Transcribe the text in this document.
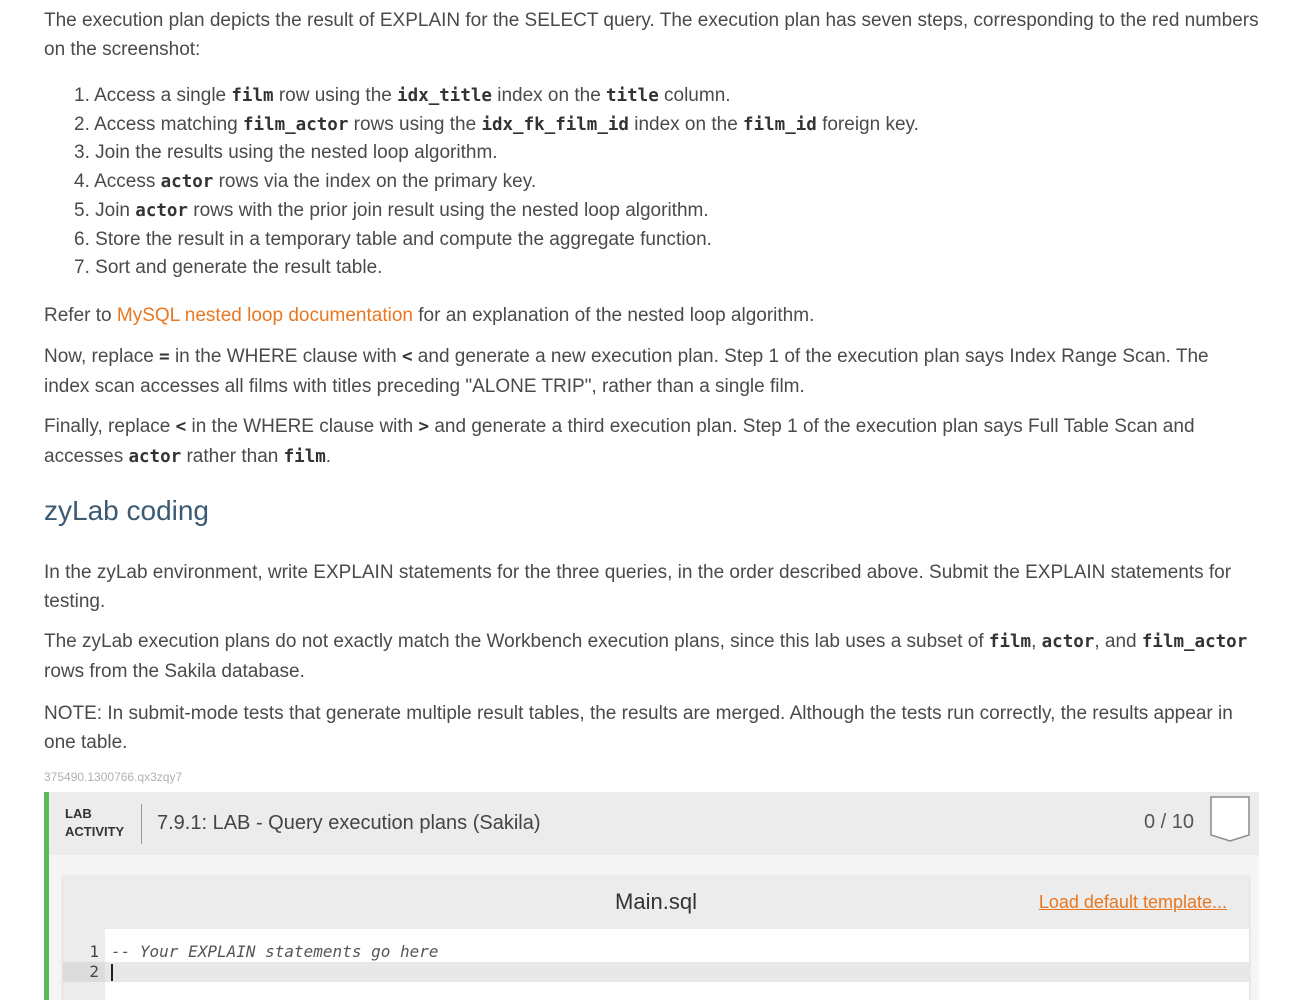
The execution plan depicts the result of EXPLAIN for the SELECT query. The execution plan has seven steps, corresponding to the red numbers on the screenshot:

1. Access a single film row using the idx_title index on the title column.
2. Access matching film_actor rows using the idx_fk_film_id index on the film_id foreign key.
3. Join the results using the nested loop algorithm.
4. Access actor rows via the index on the primary key.
5. Join actor rows with the prior join result using the nested loop algorithm.
6. Store the result in a temporary table and compute the aggregate function.
7. Sort and generate the result table.

Refer to MySQL nested loop documentation for an explanation of the nested loop algorithm.

Now, replace = in the WHERE clause with < and generate a new execution plan. Step 1 of the execution plan says Index Range Scan. The index scan accesses all films with titles preceding "ALONE TRIP", rather than a single film.

Finally, replace < in the WHERE clause with > and generate a third execution plan. Step 1 of the execution plan says Full Table Scan and accesses actor rather than film.

zyLab coding

In the zyLab environment, write EXPLAIN statements for the three queries, in the order described above. Submit the EXPLAIN statements for testing.

The zyLab execution plans do not exactly match the Workbench execution plans, since this lab uses a subset of film, actor, and film_actor rows from the Sakila database.

NOTE: In submit-mode tests that generate multiple result tables, the results are merged. Although the tests run correctly, the results appear in one table.

375490.1300766.qx3zqy7
LAB
ACTIVITY 7.9.1: LAB - Query execution plans (Sakila)	0 / 10
Main.sql	Load default template...
1 -- Your EXPLAIN statements go here
2
